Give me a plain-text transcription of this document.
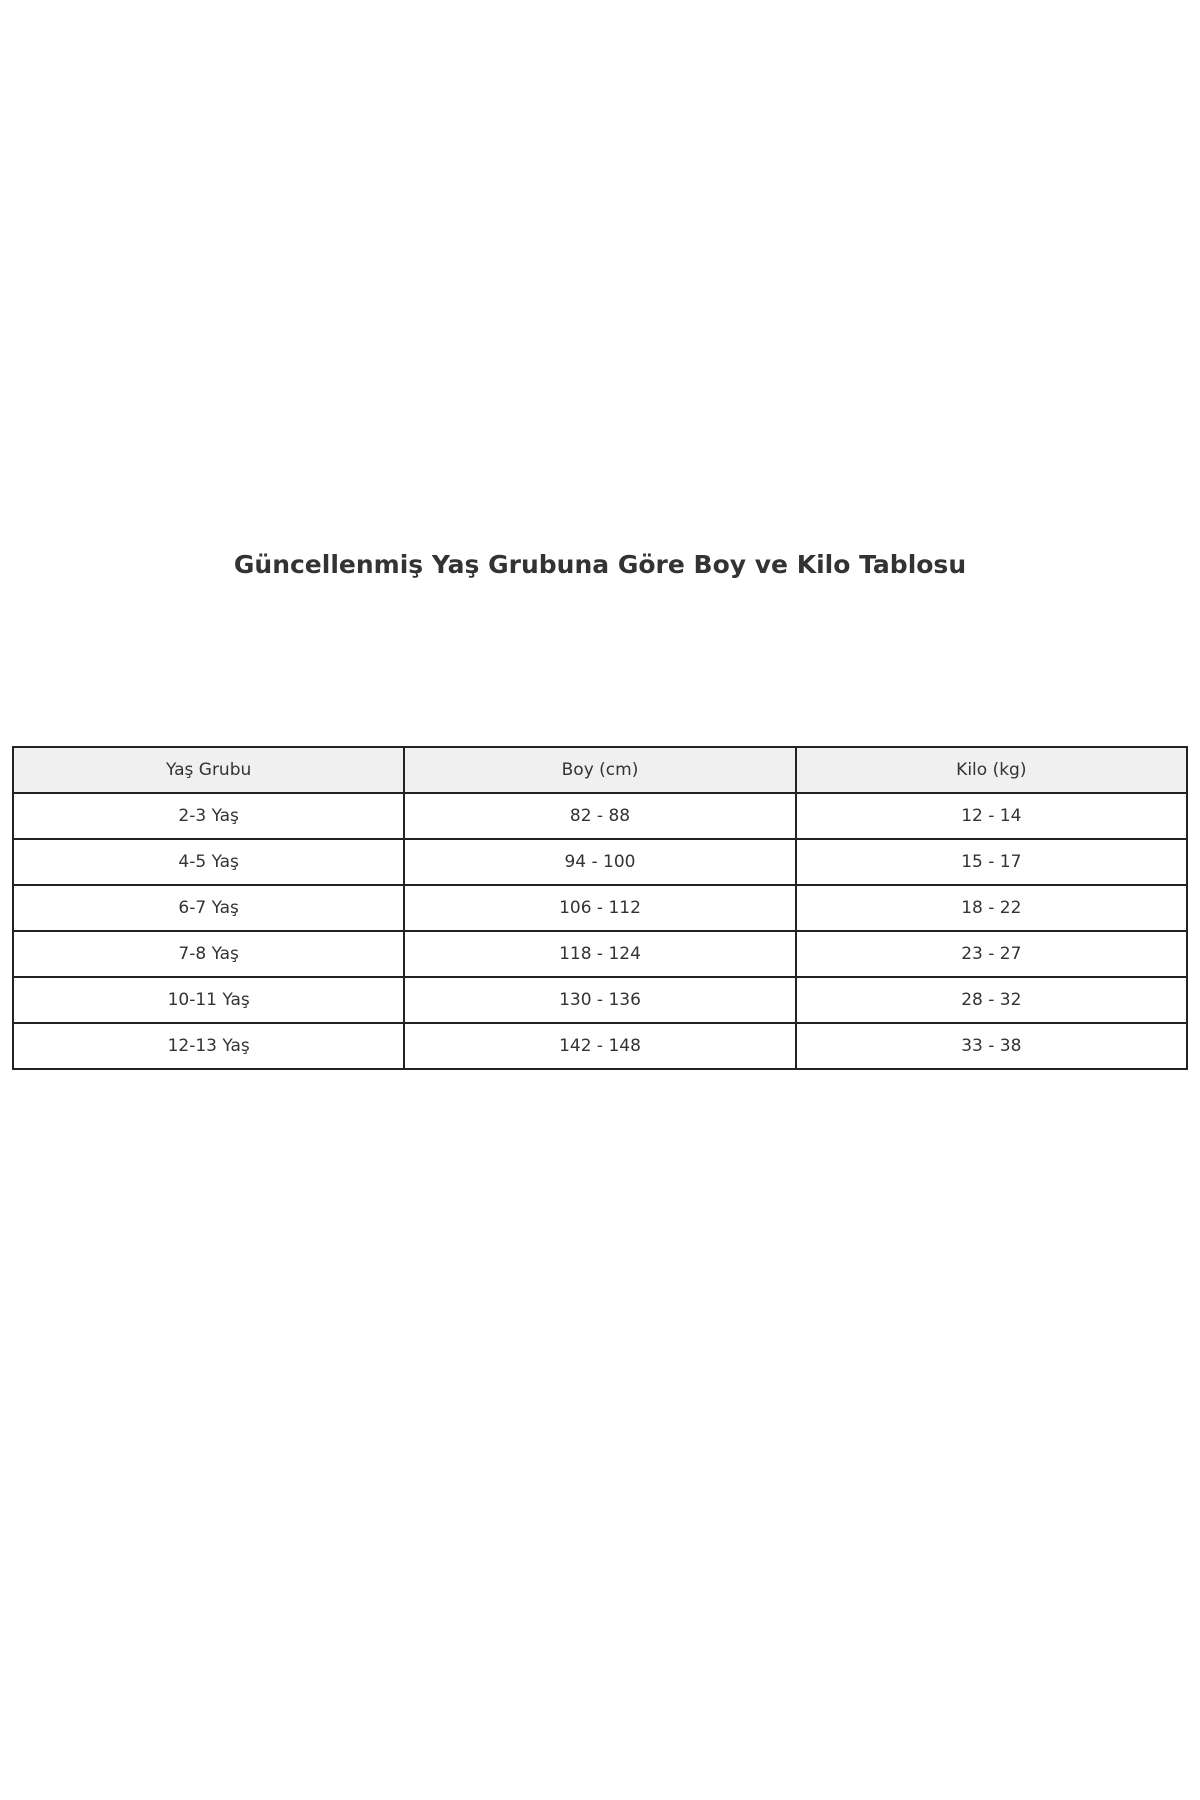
Güncellenmiş Yaş Grubuna Göre Boy ve Kilo Tablosu
Yaş Grubu	Boy (cm)	Kilo (kg)
2-3 Yaş	82 - 88	12 - 14
4-5 Yaş	94 - 100	15 - 17
6-7 Yaş	106 - 112	18 - 22
7-8 Yaş	118 - 124	23 - 27
10-11 Yaş	130 - 136	28 - 32
12-13 Yaş	142 - 148	33 - 38
